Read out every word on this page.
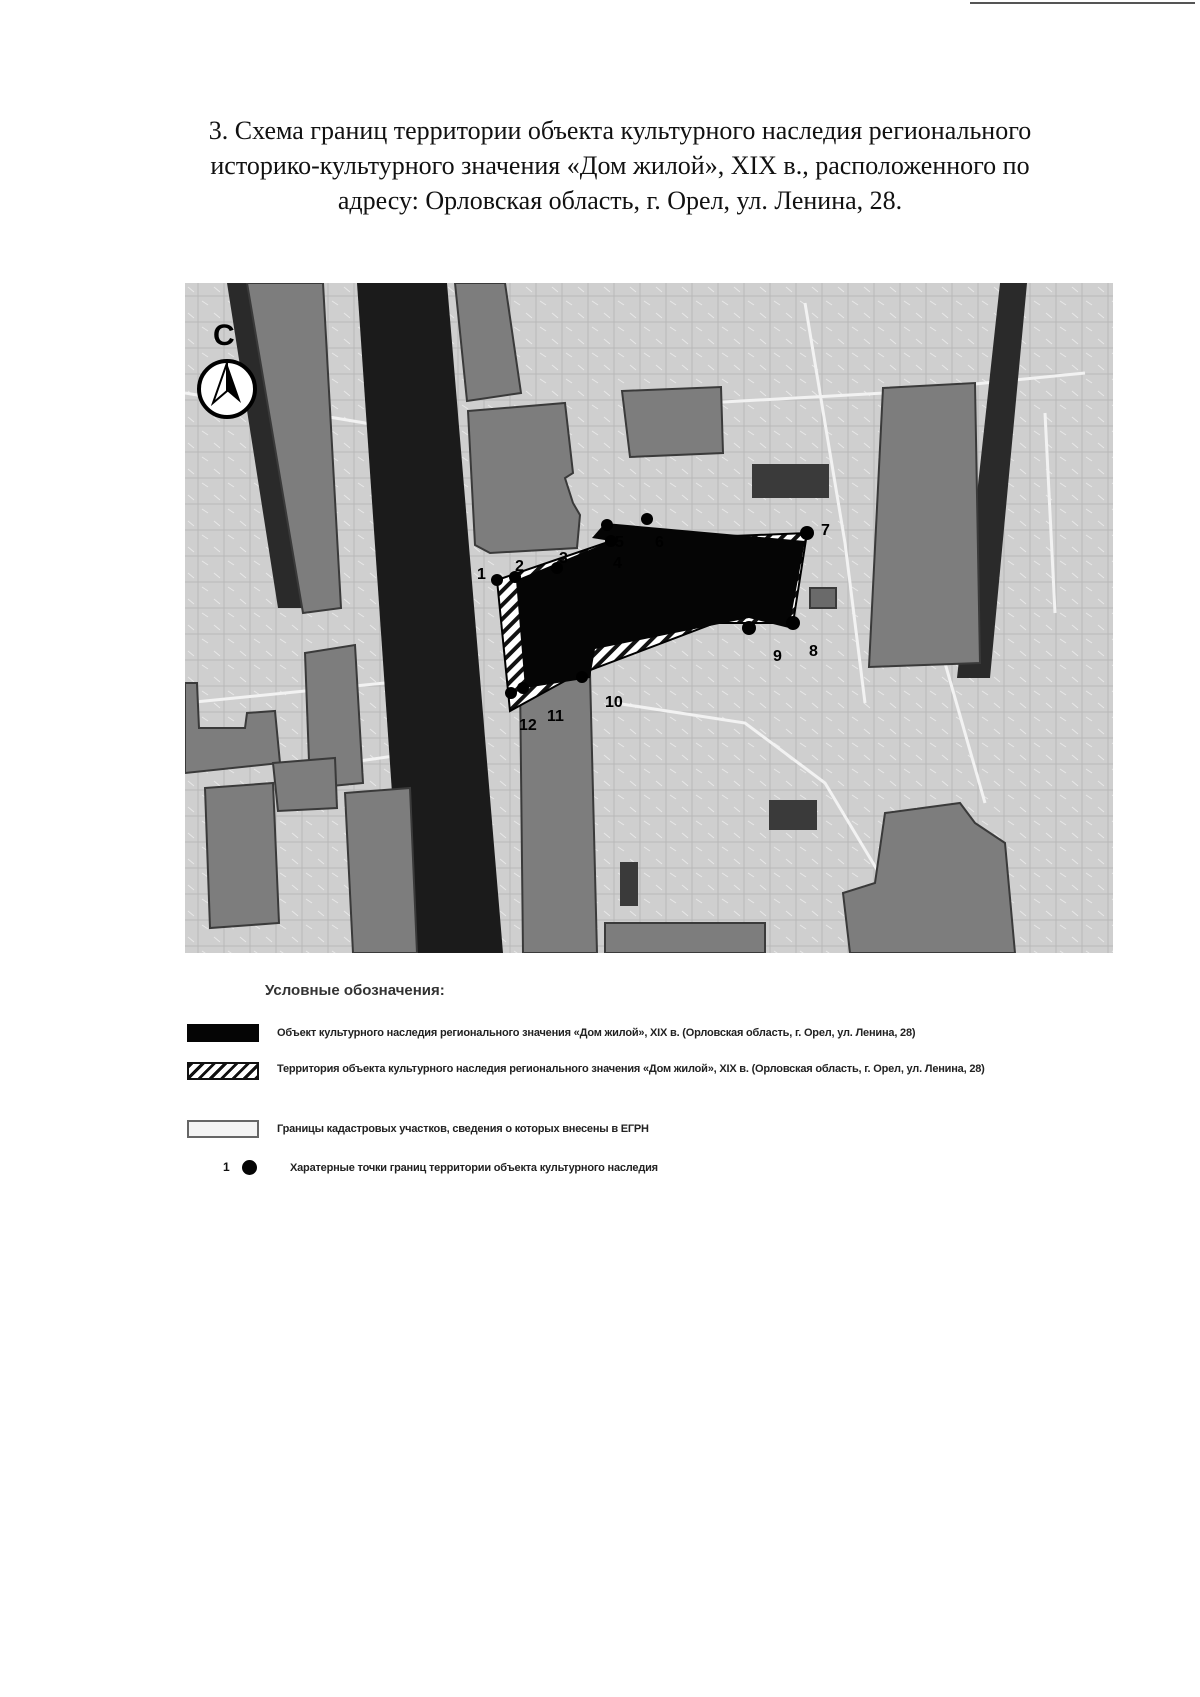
3. Схема границ территории объекта культурного наследия регионального
историко-культурного значения «Дом жилой», XIX в., расположенного по
адресу: Орловская область, г. Орел, ул. Ленина, 28.
1 2 3	4
5 6
7
8
9
10
11
12
С
Условные обозначения:
Объект культурного наследия регионального значения «Дом жилой», XIX в. (Орловская область, г. Орел, ул. Ленина, 28)
Территория объекта культурного наследия регионального значения «Дом жилой», XIX в. (Орловская область, г. Орел, ул. Ленина, 28)
Границы кадастровых участков, сведения о которых внесены в ЕГРН
1	Харатерные точки границ территории объекта культурного наследия
